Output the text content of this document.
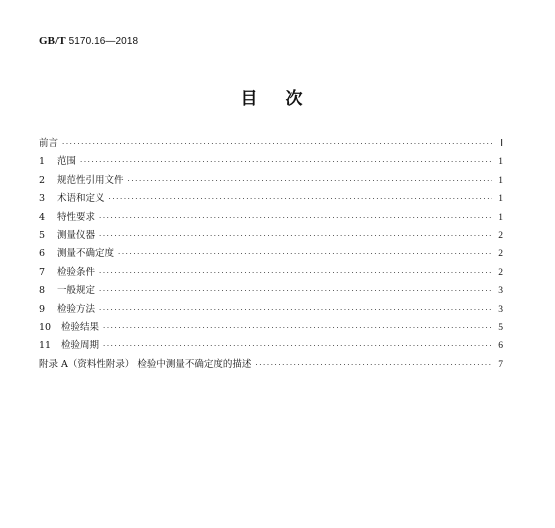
GB/T 5170.16—2018
目次
前言 ·····	Ⅰ
1	范围 ·····	1
2	规范性引用文件 ·····	1
3	术语和定义 ·····	1
4	特性要求 ·····	1
5	测量仪器 ·····	2
6	测量不确定度 ·····	2
7	检验条件 ·····	2
8	一般规定 ·····	3
9	检验方法 ·····	3
10	检验结果 ·····	5
11	检验周期 ·····	6
附录 A（资料性附录） 检验中测量不确定度的描述 ·····	7
